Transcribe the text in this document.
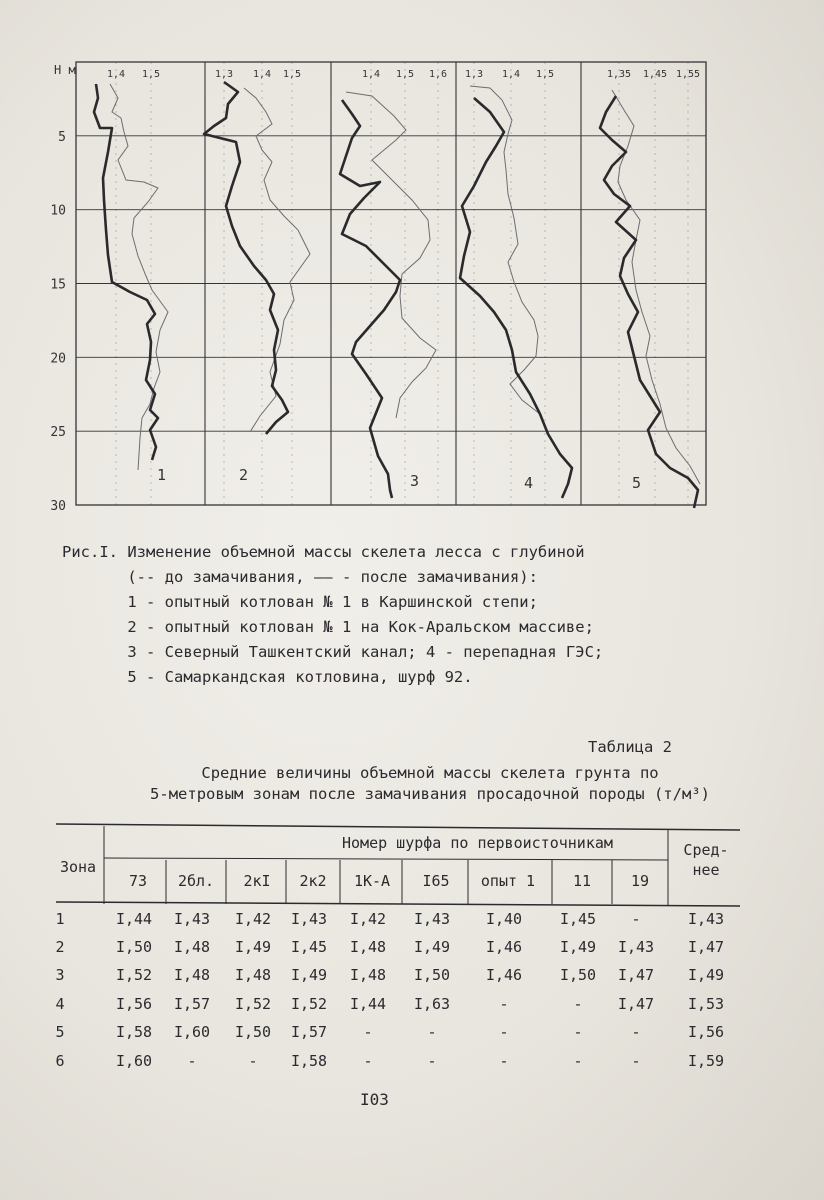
5
10
15
20
25
30
Н м	1,4 1,5
1
1,3 1,4 1,5
2
1,4 1,5 1,6
3
1,3 1,4 1,5
4
1,35 1,45 1,55
5
Рис.I. Изменение объемной массы скелета лесса с глубиной
(-- до замачивания, —— - после замачивания):
1 - опытный котлован № 1 в Каршинской степи;
2 - опытный котлован № 1 на Кок-Аральском массиве;
3 - Северный Ташкентский канал; 4 - перепадная ГЭС;
5 - Самаркандская котловина, шурф 92.
Таблица 2
Средние величины объемной массы скелета грунта по
5-метровым зонам после замачивания просадочной породы (т/м³)
Зона
Номер шурфа по первоисточникам	Сред-
нее
73	2бл.	2кI	2к2	1К-А	I65	опыт 1	11	19
1	I,44	I,43	I,42	I,43	I,42	I,43	I,40	I,45	-	I,43
2	I,50	I,48	I,49	I,45	I,48	I,49	I,46	I,49	I,43	I,47
3	I,52	I,48	I,48	I,49	I,48	I,50	I,46	I,50	I,47	I,49
4	I,56	I,57	I,52	I,52	I,44	I,63	-	-	I,47	I,53
5	I,58	I,60	I,50	I,57	-	-	-	-	-	I,56
6	I,60	-	-	I,58	-	-	-	-	-	I,59
I03
